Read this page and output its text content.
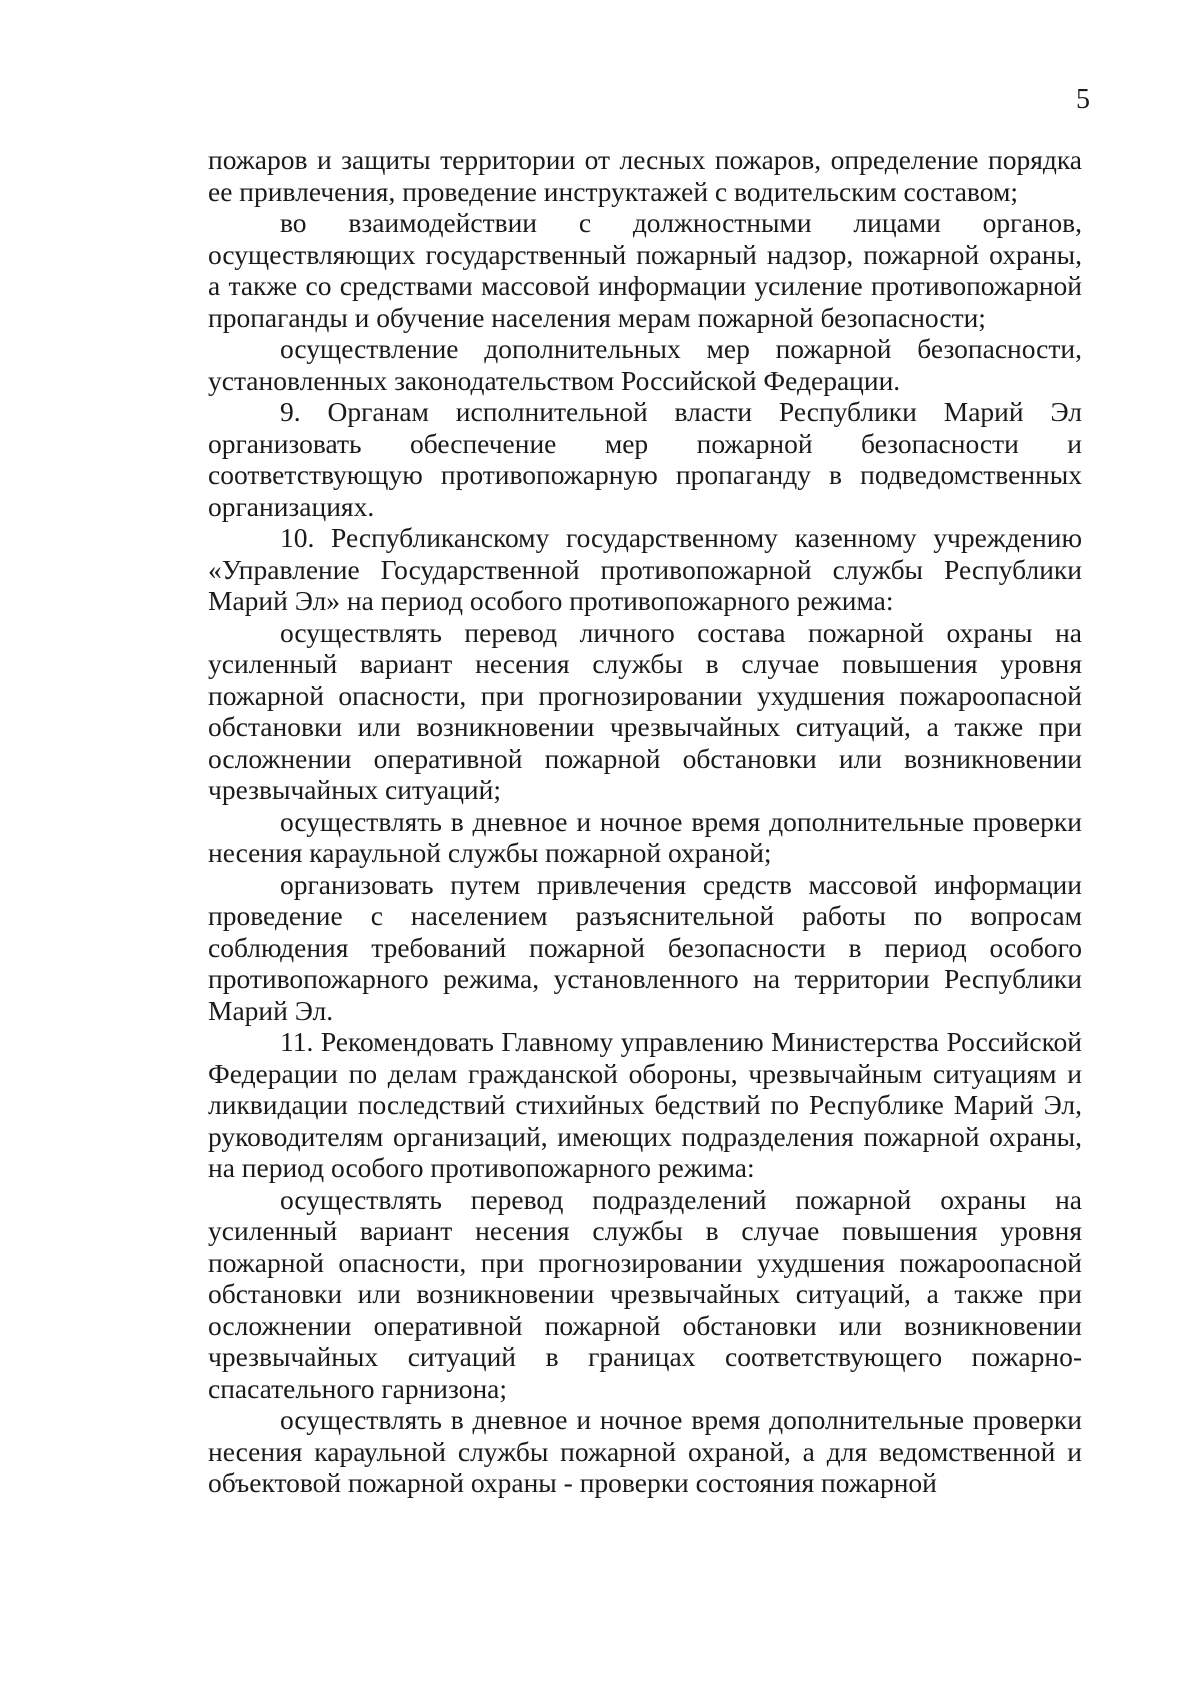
5

пожаров и защиты территории от лесных пожаров, определение порядка ее привлечения, проведение инструктажей с водительским составом;

во взаимодействии с должностными лицами органов, осуществляющих государственный пожарный надзор, пожарной охраны, а также со средствами массовой информации усиление противопожарной пропаганды и обучение населения мерам пожарной безопасности;

осуществление дополнительных мер пожарной безопасности, установленных законодательством Российской Федерации.

9. Органам исполнительной власти Республики Марий Эл организовать обеспечение мер пожарной безопасности и соответствующую противопожарную пропаганду в подведомственных организациях.

10. Республиканскому государственному казенному учреждению «Управление Государственной противопожарной службы Республики Марий Эл» на период особого противопожарного режима:

осуществлять перевод личного состава пожарной охраны на усиленный вариант несения службы в случае повышения уровня пожарной опасности, при прогнозировании ухудшения пожароопасной обстановки или возникновении чрезвычайных ситуаций, а также при осложнении оперативной пожарной обстановки или возникновении чрезвычайных ситуаций;

осуществлять в дневное и ночное время дополнительные проверки несения караульной службы пожарной охраной;

организовать путем привлечения средств массовой информации проведение с населением разъяснительной работы по вопросам соблюдения требований пожарной безопасности в период особого противопожарного режима, установленного на территории Республики Марий Эл.

11. Рекомендовать Главному управлению Министерства Российской Федерации по делам гражданской обороны, чрезвычайным ситуациям и ликвидации последствий стихийных бедствий по Республике Марий Эл, руководителям организаций, имеющих подразделения пожарной охраны, на период особого противопожарного режима:

осуществлять перевод подразделений пожарной охраны на усиленный вариант несения службы в случае повышения уровня пожарной опасности, при прогнозировании ухудшения пожароопасной обстановки или возникновении чрезвычайных ситуаций, а также при осложнении оперативной пожарной обстановки или возникновении чрезвычайных ситуаций в границах соответствующего пожарно-спасательного гарнизона;

осуществлять в дневное и ночное время дополнительные проверки несения караульной службы пожарной охраной, а для ведомственной и объектовой пожарной охраны - проверки состояния пожарной
